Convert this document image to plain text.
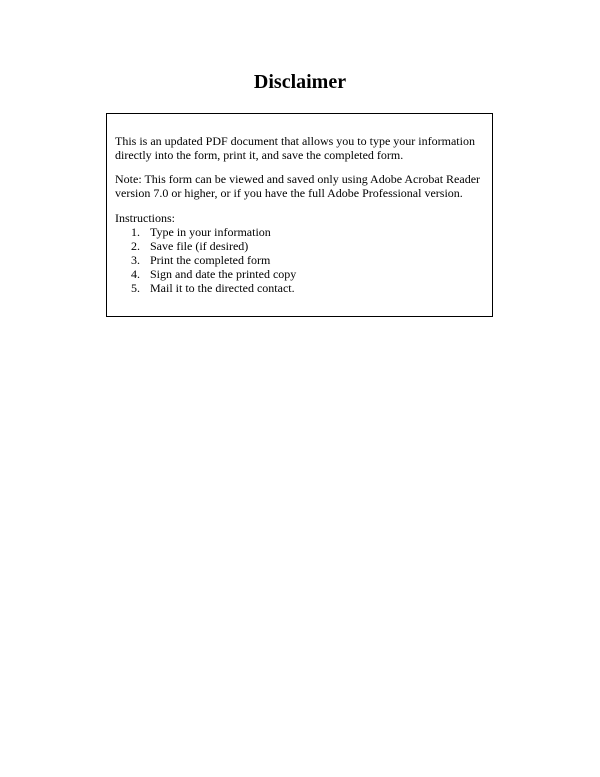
Disclaimer

This is an updated PDF document that allows you to type your information directly into the form, print it, and save the completed form.

Note: This form can be viewed and saved only using Adobe Acrobat Reader version 7.0 or higher, or if you have the full Adobe Professional version.

Instructions:
1. Type in your information
2. Save file (if desired)
3. Print the completed form
4. Sign and date the printed copy
5. Mail it to the directed contact.
